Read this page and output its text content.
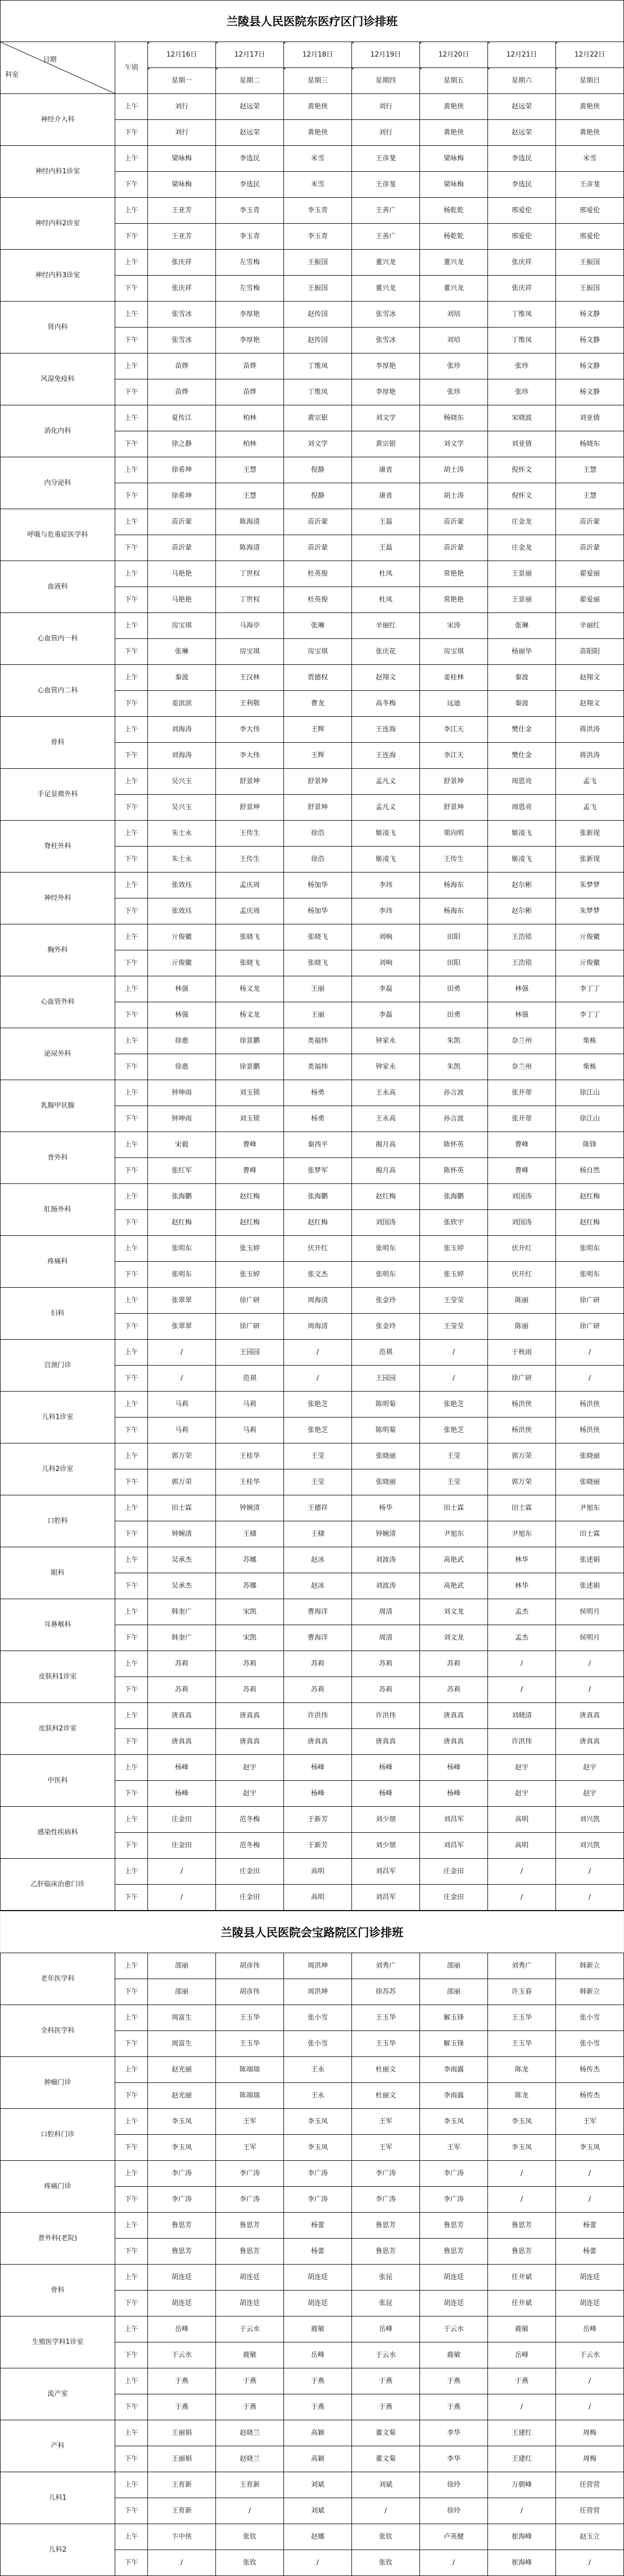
兰陵县人民医院东医疗区门诊排班
日期
科室	午别	12月16日	12月17日	12月18日	12月19日	12月20日	12月21日	12月22日

星期一	星期二	星期三	星期四	星期五	星期六	星期日
神经介入科	上午	刘行	赵远荣	黄艳侠	刘行	黄艳侠	赵远荣	黄艳侠
	下午	刘行	赵远荣	黄艳侠	刘行	黄艳侠	赵远荣	黄艳侠
神经内科1诊室	上午	梁咏梅	李选民	米雪	王彦斐	梁咏梅	李选民	米雪
	下午	梁咏梅	李选民	米雪	王彦斐	梁咏梅	李选民	王彦斐
神经内科2诊室	上午	王亚芳	李玉青	李玉青	王善广	杨乾乾	邢爱伦	邢爱伦
	下午	王亚芳	李玉青	李玉青	王善广	杨乾乾	邢爱伦	邢爱伦
神经内科3诊室	上午	张庆祥	左雪梅	王振国	董兴龙	董兴龙	张庆祥	王振国
	下午	张庆祥	左雪梅	王振国	董兴龙	董兴龙	张庆祥	王振国
肾内科	上午	张雪冰	李厚艳	赵传国	张雪冰	刘培	丁维凤	杨文静
	下午	张雪冰	李厚艳	赵传国	张雪冰	刘培	丁维凤	杨文静
风湿免疫科	上午	苗烨	苗烨	丁维凤	李厚艳	张珍	张珍	杨文静
	下午	苗烨	苗烨	丁维凤	李厚艳	张珍	张珍	杨文静
消化内科	上午	夏传江	柏林	黄宗银	刘文学	杨晓东	宋晓波	刘亚倩
	下午	徐之静	柏林	刘文学	黄宗银	刘文学	刘亚倩	杨晓东
内分泌科	上午	徐希坤	王慧	倪静	康省	胡士涛	倪怀文	王慧
	下午	徐希坤	王慧	倪静	康省	胡士涛	倪怀文	王慧
呼吸与危重症医学科	上午	苗沂蒙	陈海清	苗沂蒙	王磊	苗沂蒙	庄金龙	苗沂蒙
	下午	苗沂蒙	陈海清	苗沂蒙	王磊	苗沂蒙	庄金龙	苗沂蒙
血液科	上午	马艳艳	丁世权	杜英俊	杜凤	常艳艳	王景丽	翟爱丽
	下午	马艳艳	丁世权	杜英俊	杜凤	常艳艳	王景丽	翟爱丽
心血管内一科	上午	房宝琪	马海亭	张琳	辛丽红	宋涛	张琳	辛丽红
	下午	张琳	房宝琪	房宝琪	张庆花	房宝琪	杨丽华	苗阳阳
心血管内二科	上午	秦波	王汉林	贾德权	赵翔文	姜桂林	秦波	赵翔文
	下午	姜滨滨	王利敬	曹龙	高冬梅	远迪	秦波	赵翔文
骨科	上午	刘海涛	李大伟	王辉	王连海	李江天	樊仕金	蒋洪涛
	下午	刘海涛	李大伟	王辉	王连海	李江天	樊仕金	蒋洪涛
手足显微外科	上午	吴兴玉	舒景坤	舒景坤	孟凡义	舒景坤	周恩亮	孟飞
	下午	吴兴玉	舒景坤	舒景坤	孟凡义	舒景坤	周恩亮	孟飞
脊柱外科	上午	朱士永	王传生	徐浩	姬凌飞	栗向明	姬凌飞	张新现
	下午	朱士永	王传生	徐浩	姬凌飞	王传生	姬凌飞	张新现
神经外科	上午	张效珏	孟庆周	杨加华	李玮	杨海东	赵尔彬	朱梦梦
	下午	张效珏	孟庆周	杨加华	李玮	杨海东	赵尔彬	朱梦梦
胸外科	上午	亓俊徽	张晓飞	张晓飞	刘响	田阳	王浩铭	亓俊徽
	下午	亓俊徽	张晓飞	张晓飞	刘响	田阳	王浩铭	亓俊徽
心血管外科	上午	林强	杨文龙	王丽	李磊	田勇	林强	李丁丁
	下午	林强	杨文龙	王丽	李磊	田勇	林强	李丁丁
泌尿外科	上午	徐惠	徐景鹏	类福炜	钟家永	朱凯	奈兰州	柴栋
	下午	徐惠	徐景鹏	类福炜	钟家永	朱凯	奈兰州	柴栋
乳腺甲状腺	上午	钟坤雨	刘玉锁	杨勇	王永高	孙言波	张开蒂	徐江山
	下午	钟坤雨	刘玉锁	杨勇	王永高	孙言波	张开蒂	徐江山
普外科	上午	宋毅	曹峰	秦西平	揭月高	陈怀英	曹峰	陈锋
	下午	张红军	曹峰	张梦军	揭月高	陈怀英	曹峰	杨自然
肛肠外科	上午	张海鹏	赵红梅	张海鹏	赵红梅	张海鹏	刘国涛	赵红梅
	下午	赵红梅	赵红梅	赵红梅	刘国涛	张欣宇	刘国涛	赵红梅
疼痛科	上午	张明东	张玉婷	伏开红	张明东	张玉婷	伏开红	张明东
	下午	张明东	张玉婷	张文杰	张明东	张玉婷	伏开红	张明东
妇科	上午	张翠翠	徐广研	周海清	张金玲	王莹莹	陈丽	徐广研
	下午	张翠翠	徐广研	周海清	张金玲	王莹莹	陈丽	徐广研
宫颈门诊	上午	/	王园园	/	范祺	/	于秋雨	/
	下午	/	范祺	/	王园园	/	徐广研	/
儿科1诊室	上午	马莉	马莉	张艳芝	陈明菊	张艳芝	杨洪侠	杨洪侠
	下午	马莉	马莉	张艳芝	陈明菊	张艳芝	杨洪侠	杨洪侠
儿科2诊室	上午	郭万荣	王桂华	王莹	张晓丽	王莹	郭万荣	张晓丽
	下午	郭万荣	王桂华	王莹	张晓丽	王莹	郭万荣	张晓丽
口腔科	上午	田士霖	钟婉清	王德祥	杨华	田士霖	田士霖	尹旭东
	下午	钟婉清	王棣	王棣	钟婉清	尹旭东	尹旭东	田士霖
眼科	上午	吴承杰	苏娜	赵冰	刘波涛	高艳武	林华	张述娟
	下午	吴承杰	苏娜	赵冰	刘波涛	高艳武	林华	张述娟
耳鼻喉科	上午	韩奎广	宋凯	曹海洋	周清	刘文龙	孟杰	侯明月
	下午	韩奎广	宋凯	曹海洋	周清	刘文龙	孟杰	侯明月
皮肤科1诊室	上午	苏莉	苏莉	苏莉	苏莉	苏莉	/	/
	下午	苏莉	苏莉	苏莉	苏莉	苏莉	/	/
皮肤科2诊室	上午	唐真真	唐真真	许洪伟	许洪伟	唐真真	刘晓清	唐真真
	下午	唐真真	唐真真	唐真真	唐真真	唐真真	许洪伟	唐真真
中医科	上午	杨峰	赵宇	杨峰	杨峰	杨峰	赵宇	赵宇
	下午	杨峰	赵宇	杨峰	杨峰	杨峰	赵宇	赵宇
感染性疾病科	上午	庄金田	范冬梅	于新芳	刘少朋	刘昌军	高明	刘兴凯
	下午	庄金田	范冬梅	于新芳	刘少朋	刘昌军	高明	刘兴凯
乙肝临床治愈门诊	上午	/	庄金田	高明	刘昌军	庄金田	/	/
	下午	/	庄金田	高明	刘昌军	庄金田	/	/
兰陵县人民医院会宝路院区门诊排班
老年医学科	上午	邵丽	胡彦伟	周洪坤	刘秀广	邵丽	刘秀广	韩新立
	下午	邵丽	胡彦伟	周洪坤	徐苏苏	邵丽	许玉春	韩新立
全科医学科	上午	周富生	王玉华	张小雪	王玉华	解玉锋	王玉华	张小雪
	下午	周富生	王玉华	张小雪	王玉华	解玉锋	王玉华	张小雪
肿瘤门诊	上午	赵光丽	陈端瑞	王永	杜丽文	李雨露	陈龙	杨传杰
	下午	赵光丽	陈端瑞	王永	杜丽文	李雨露	陈龙	杨传杰
口腔科门诊	上午	李玉凤	王军	李玉凤	王军	李玉凤	李玉凤	王军
	下午	李玉凤	王军	李玉凤	王军	王军	李玉凤	李玉凤
疼痛门诊	上午	李广涛	李广涛	李广涛	李广涛	李广涛	/	/
	下午	李广涛	李广涛	李广涛	李广涛	李广涛	/	/
普外科(老院)	上午	鲁思芳	鲁思芳	杨蕾	鲁思芳	鲁思芳	鲁思芳	杨蕾
	下午	鲁思芳	鲁思芳	杨蕾	鲁思芳	鲁思芳	鲁思芳	杨蕾
骨科	上午	胡连廷	胡连廷	胡连廷	张昆	胡连廷	任井斌	胡连廷
	下午	胡连廷	胡连廷	胡连廷	张昆	胡连廷	任井斌	胡连廷
生殖医学科1诊室	上午	岳峰	于云水	鹿敏	岳峰	于云水	鹿敏	岳峰
	下午	于云水	鹿敏	岳峰	于云水	鹿敏	岳峰	于云水
流产室	上午	于燕	于燕	于燕	于燕	于燕	于燕	/
	下午	于燕	于燕	于燕	于燕	于燕	/	/
产科	上午	王丽娟	赵晓兰	高颖	董文菊	李华	王建红	周梅
	下午	王丽娟	赵晓兰	高颖	董文菊	李华	王建红	周梅
儿科1	上午	王育新	王育新	刘斌	刘斌	徐玲	万朝峰	任营营
	下午	王育新	/	刘斌	/	徐玲	/	任营营
儿科2	上午	卞中侠	张钦	赵娜	张钦	卢英健	崔海峰	赵玉立
	下午	/	张钦	/	张钦	/	崔海峰	/
